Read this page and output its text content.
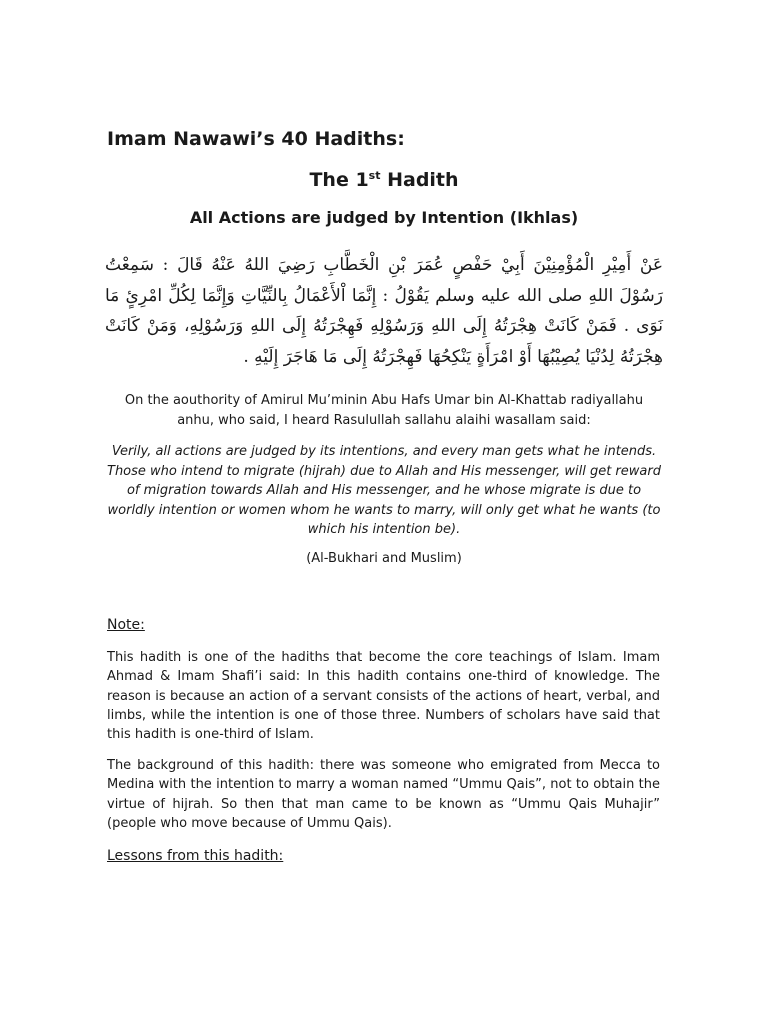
Imam Nawawi’s 40 Hadiths:
The 1st Hadith
All Actions are judged by Intention (Ikhlas)
عَنْ أَمِيْرِ الْمُؤْمِنِيْنَ أَبِيْ حَفْصٍ عُمَرَ بْنِ الْخَطَّابِ رَضِيَ اللهُ عَنْهُ قَالَ : سَمِعْتُ رَسُوْلَ اللهِ صلى الله عليه وسلم يَقُوْلُ : إِنَّمَا اْلأَعْمَالُ بِالنِّيَّاتِ وَإِنَّمَا لِكُلِّ امْرِئٍ مَا نَوَى . فَمَنْ كَانَتْ هِجْرَتُهُ إِلَى اللهِ وَرَسُوْلِهِ فَهِجْرَتُهُ إِلَى اللهِ وَرَسُوْلِهِ، وَمَنْ كَانَتْ هِجْرَتُهُ لِدُنْيَا يُصِيْبُهَا أَوْ امْرَأَةٍ يَنْكِحُهَا فَهِجْرَتُهُ إِلَى مَا هَاجَرَ إِلَيْهِ .

On the aouthority of Amirul Mu’minin Abu Hafs Umar bin Al-Khattab radiyallahu anhu, who said, I heard Rasulullah sallahu alaihi wasallam said:

Verily, all actions are judged by its intentions, and every man gets what he intends. Those who intend to migrate (hijrah) due to Allah and His messenger, will get reward of migration towards Allah and His messenger, and he whose migrate is due to worldly intention or women whom he wants to marry, will only get what he wants (to which his intention be).

(Al-Bukhari and Muslim)
Note:

This hadith is one of the hadiths that become the core teachings of Islam. Imam Ahmad & Imam Shafi’i said: In this hadith contains one-third of knowledge. The reason is because an action of a servant consists of the actions of heart, verbal, and limbs, while the intention is one of those three. Numbers of scholars have said that this hadith is one-third of Islam.

The background of this hadith: there was someone who emigrated from Mecca to Medina with the intention to marry a woman named “Ummu Qais”, not to obtain the virtue of hijrah. So then that man came to be known as “Ummu Qais Muhajir” (people who move because of Ummu Qais).

Lessons from this hadith:
